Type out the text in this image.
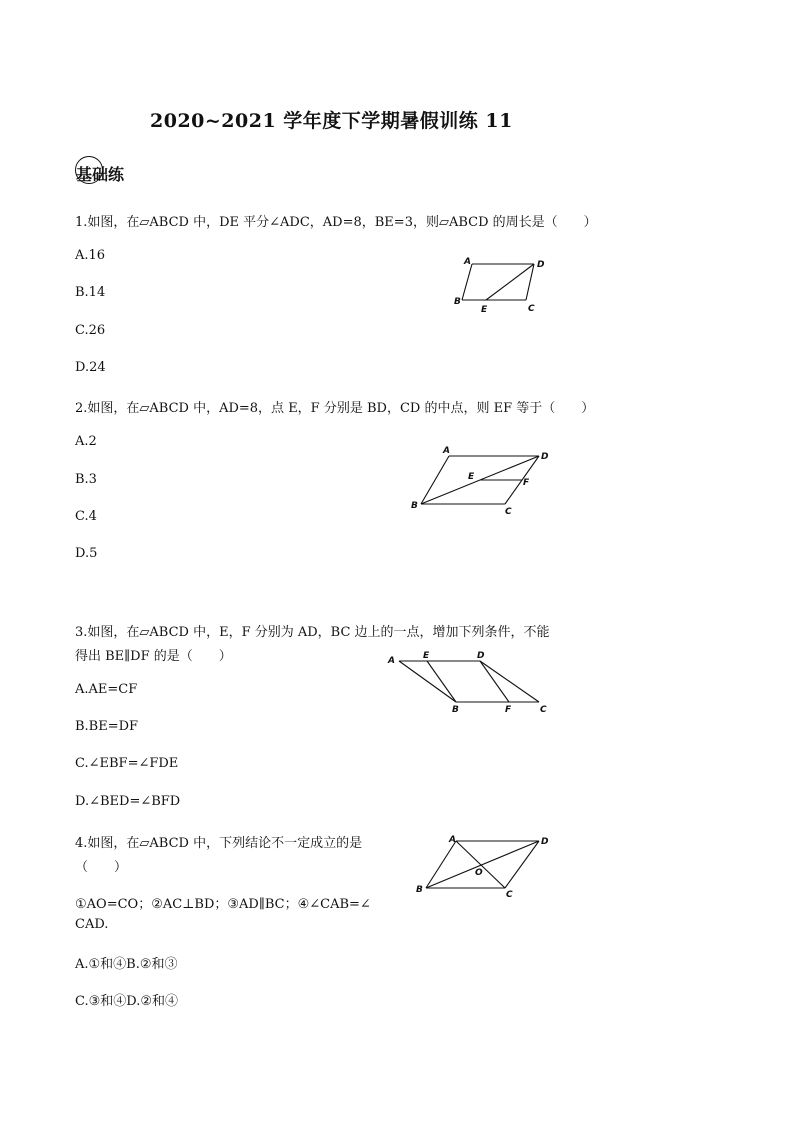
2020~2021 学年度下学期暑假训练 11
基础练
1.如图，在▱ABCD 中，DE 平分∠ADC，AD=8，BE=3，则▱ABCD 的周长是（　　）
A.16
B.14
C.26
D.24
A	D
B
E	C
2.如图，在▱ABCD 中，AD=8，点 E，F 分别是 BD，CD 的中点，则 EF 等于（　　）
A.2
B.3
C.4
D.5
A
D
E
F
B
C
3.如图，在▱ABCD 中，E，F 分别为 AD，BC 边上的一点，增加下列条件，不能
得出 BE∥DF 的是（　　）
A.AE=CF
B.BE=DF
C.∠EBF=∠FDE
D.∠BED=∠BFD
A	E	D
B	F	C
4.如图，在▱ABCD 中，下列结论不一定成立的是
（　　）
①AO=CO；②AC⊥BD；③AD∥BC；④∠CAB=∠
CAD.
A.①和④B.②和③
C.③和④D.②和④
A	D
O
B	C
